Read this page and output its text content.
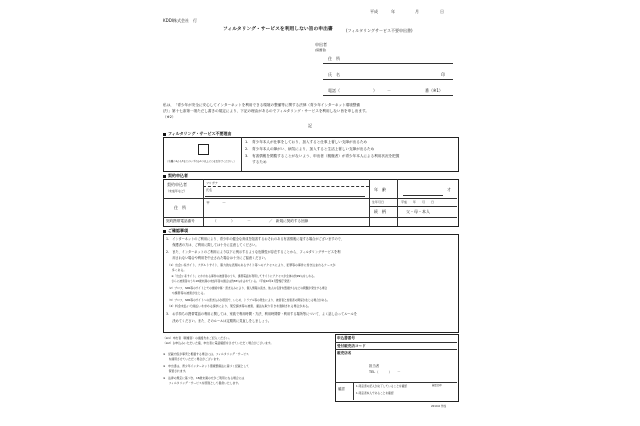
平成	年	月	日
KDDI株式会社　行
フィルタリング・サービスを利用しない旨の申出書	(フィルタリングサービス不要申出書)
申出者
(保護者)
住　所
氏　名	印
電話（	）　　　－	番（※1）
私は、「青少年が安全に安心してインターネットを利用できる環境の整備等に関する法律（青少年インターネット環境整備
法）」第十七条第一項ただし書きの規定により、下記の理由があるのでフィルタリング・サービスを利用しない旨を申し出ます。
（※2）
記
フィルタリング・サービス不要理由
（右欄の1から3までのいずれか1つ以上に○をお付けください。）
1.　青少年本人が仕事をしており、加入すると仕事上著しい支障が出るため
2.　青少年本人の障がい、病気により、加入すると生活上著しい支障が出るため
3.　有害情報を閲覧することがないよう、申出者（親権者）が青少年本人による利用状況を把握
　　するため
契約申込者
契約申込者
（未成年など）
フリガナ
氏名	年　齢	才
住　所
〒　　　－	生年月日	平成　　年　　月　　日
続　柄	父・母・本人
契約携帯電話番号	（　　　　）　　　　－　　　　　／　新規に契約する回線
ご確認事項
1.　インターネットのご利用により、青少年の健全な育成を阻害するおそれのある有害情報に接する場合がございますので、
　　保護者の方は、ご利用に際しては十分に注意してください。
2.　また、インターネットのご利用により以下に例示するような危険性が存在することから、フィルタリングサービスを利
　　用されない場合や利用を中止された場合は十分にご留意ください。
　（1）出会い系サイト、アダルトサイト、暴力的な表現のあるサイト等へのアクセスにより、犯罪等の事件に巻き込まれるケースが
　　多くある。
　　※「出会い系サイト」にかかわる事件の被害者のうち、携帯電話を利用してサイトにアクセスが全体の約99％をしめる。
　　さらに被害者のうち18歳未満の未成年者の割合は約83％を占めている。（平成22年2月警察庁発表）
　（2）プロフ、SNS等のサイト上での誹謗中傷・書き込みにより、個人情報の流出、他人の名誉を毀損するなどの問題が発生する場合
　　や携帯等の被害が生じる。
　（3）プロフ、SNS等のサイトへの書き込みが原因で、いじめ、トラブル等の発生により、被害者と加害者の関係が生じる場合がある。
　（4）料金未払いで前払いを求める請求により、架空請求等の被害、違法な取り引きを強制される場合がある。
3.　お手持ちの携帯電話の利用に関しては、家族で利用時間・方法、利用時間帯・利用する場所等について、よく話し合ってルールを
　　決めてください。また、そのルールは定期的に見直しをしましょう。
（※1）申出者（親権者）の連絡先をご記入ください。
（※2）お申込みいただいた後、申出者に電話確認をさせていただく場合がございます。
※　記載内容が事実と相違する場合には、フィルタリング・サービス
　　を適用させていただく場合がございます。
※　申出書は、青少年インターネット環境整備法に基づく記録として
　　保管されます。
※　法律の規定に基づき、18歳未満の方がご利用になる場合には
　　フィルタリング・サービスを原則として提供いたします。
申込書番号
受付販売店コード
販売店名
担当者
TEL（　　　）　　－
確認
1.同意書の記入が完了していることを確認
1.同意者本人であることを確認
確認者印
2010.6 作成
